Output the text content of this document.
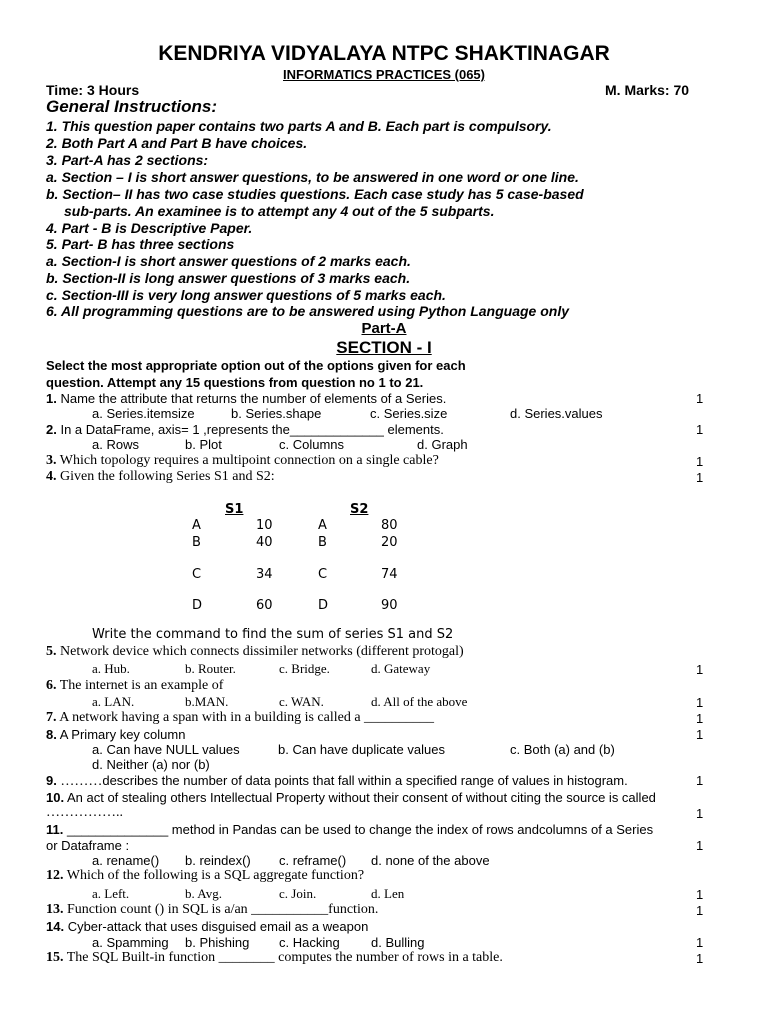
KENDRIYA VIDYALAYA NTPC SHAKTINAGAR
INFORMATICS PRACTICES (065)
Time: 3 Hours	M. Marks: 70
General Instructions:
1. This question paper contains two parts A and B. Each part is compulsory.
2. Both Part A and Part B have choices.
3. Part-A has 2 sections:
a. Section – I is short answer questions, to be answered in one word or one line.
b. Section– II has two case studies questions. Each case study has 5 case-based
sub-parts. An examinee is to attempt any 4 out of the 5 subparts.
4. Part - B is Descriptive Paper.
5. Part- B has three sections
a. Section-I is short answer questions of 2 marks each.
b. Section-II is long answer questions of 3 marks each.
c. Section-III is very long answer questions of 5 marks each.
6. All programming questions are to be answered using Python Language only
Part-A
SECTION - I
Select the most appropriate option out of the options given for each
question. Attempt any 15 questions from question no 1 to 21.
1. Name the attribute that returns the number of elements of a Series.	1
a. Series.itemsize	b. Series.shape	c. Series.size	d. Series.values
2. In a DataFrame, axis= 1 ,represents the_____________ elements.	1
a. Rows	b. Plot	c. Columns	d. Graph
3. Which topology requires a multipoint connection on a single cable?	1
4. Given the following Series S1 and S2:	1
S1	S2
A	10	A	80
B	40	B	20
C	34	C	74
D	60	D	90
Write the command to find the sum of series S1 and S2
5. Network device which connects dissimiler networks (different protogal)
a. Hub.	b. Router.	c. Bridge.	d. Gateway	1
6. The internet is an example of
a. LAN.	b.MAN.	c. WAN.	d. All of the above	1
7. A network having a span with in a building is called a __________	1
8. A Primary key column	1
a. Can have NULL values	b. Can have duplicate values	c. Both (a) and (b)
d. Neither (a) nor (b)
9. ………describes the number of data points that fall within a specified range of values in histogram.	1
10. An act of stealing others Intellectual Property without their consent of without citing the source is called
……………..	1
11. ______________ method in Pandas can be used to change the index of rows andcolumns of a Series
or Dataframe :	1
a. rename() b. reindex() c. reframe() d. none of the above
12. Which of the following is a SQL aggregate function?
a. Left.	b. Avg.	c. Join.	d. Len	1
13. Function count () in SQL is a/an ___________function.	1
14. Cyber-attack that uses disguised email as a weapon
a. Spamming b. Phishing c. Hacking d. Bulling	1
15. The SQL Built-in function ________ computes the number of rows in a table.	1
